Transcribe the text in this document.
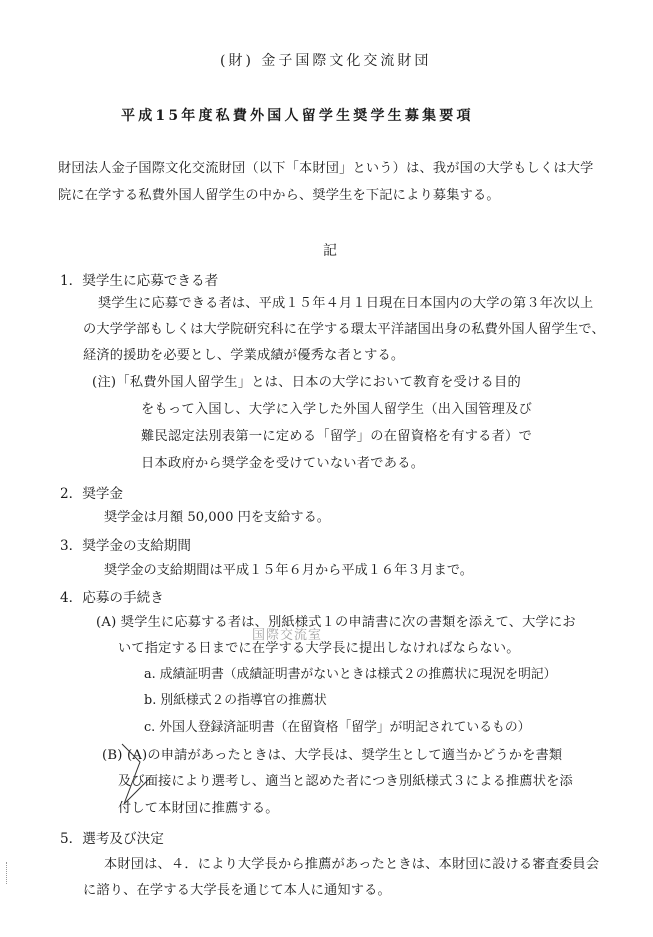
(財) 金子国際文化交流財団
平成15年度私費外国人留学生奨学生募集要項
財団法人金子国際文化交流財団（以下「本財団」という）は、我が国の大学もしくは大学
院に在学する私費外国人留学生の中から、奨学生を下記により募集する。
記
1．奨学生に応募できる者
奨学生に応募できる者は、平成１５年４月１日現在日本国内の大学の第３年次以上
の大学学部もしくは大学院研究科に在学する環太平洋諸国出身の私費外国人留学生で、
経済的援助を必要とし、学業成績が優秀な者とする。
(注)「私費外国人留学生」とは、日本の大学において教育を受ける目的
をもって入国し、大学に入学した外国人留学生（出入国管理及び
難民認定法別表第一に定める「留学」の在留資格を有する者）で
日本政府から奨学金を受けていない者である。
2．奨学金
奨学金は月額 50,000 円を支給する。
3．奨学金の支給期間
奨学金の支給期間は平成１５年６月から平成１６年３月まで。
4．応募の手続き
(A) 奨学生に応募する者は、別紙様式１の申請書に次の書類を添えて、大学にお
いて指定する日までに在学する大学長に提出しなければならない。
国際交流室
a. 成績証明書（成績証明書がないときは様式２の推薦状に現況を明記）
b. 別紙様式２の指導官の推薦状
c. 外国人登録済証明書（在留資格「留学」が明記されているもの）
(B) (A)の申請があったときは、大学長は、奨学生として適当かどうかを書類
及び面接により選考し、適当と認めた者につき別紙様式３による推薦状を添
付して本財団に推薦する。
5．選考及び決定
本財団は、４．により大学長から推薦があったときは、本財団に設ける審査委員会
に諮り、在学する大学長を通じて本人に通知する。
